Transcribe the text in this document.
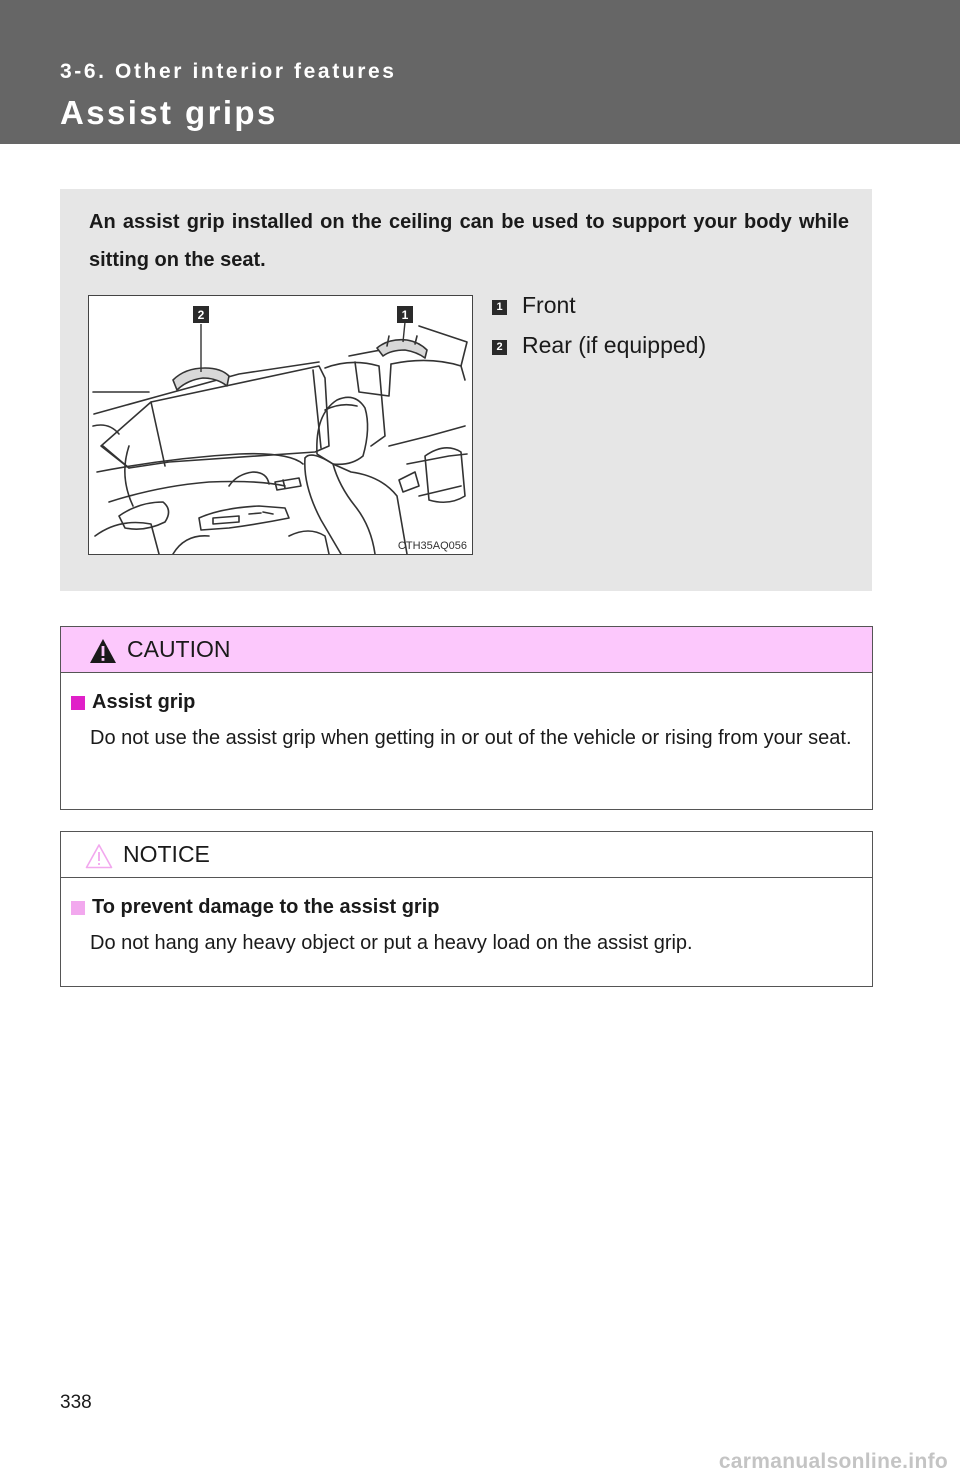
3-6. Other interior features
Assist grips
An assist grip installed on the ceiling can be used to support your body while sitting on the seat.
2	1
CTH35AQ056
1 Front
2 Rear (if equipped)
CAUTION
Assist grip
Do not use the assist grip when getting in or out of the vehicle or rising from your seat.
NOTICE
To prevent damage to the assist grip
Do not hang any heavy object or put a heavy load on the assist grip.
338
carmanualsonline.info
